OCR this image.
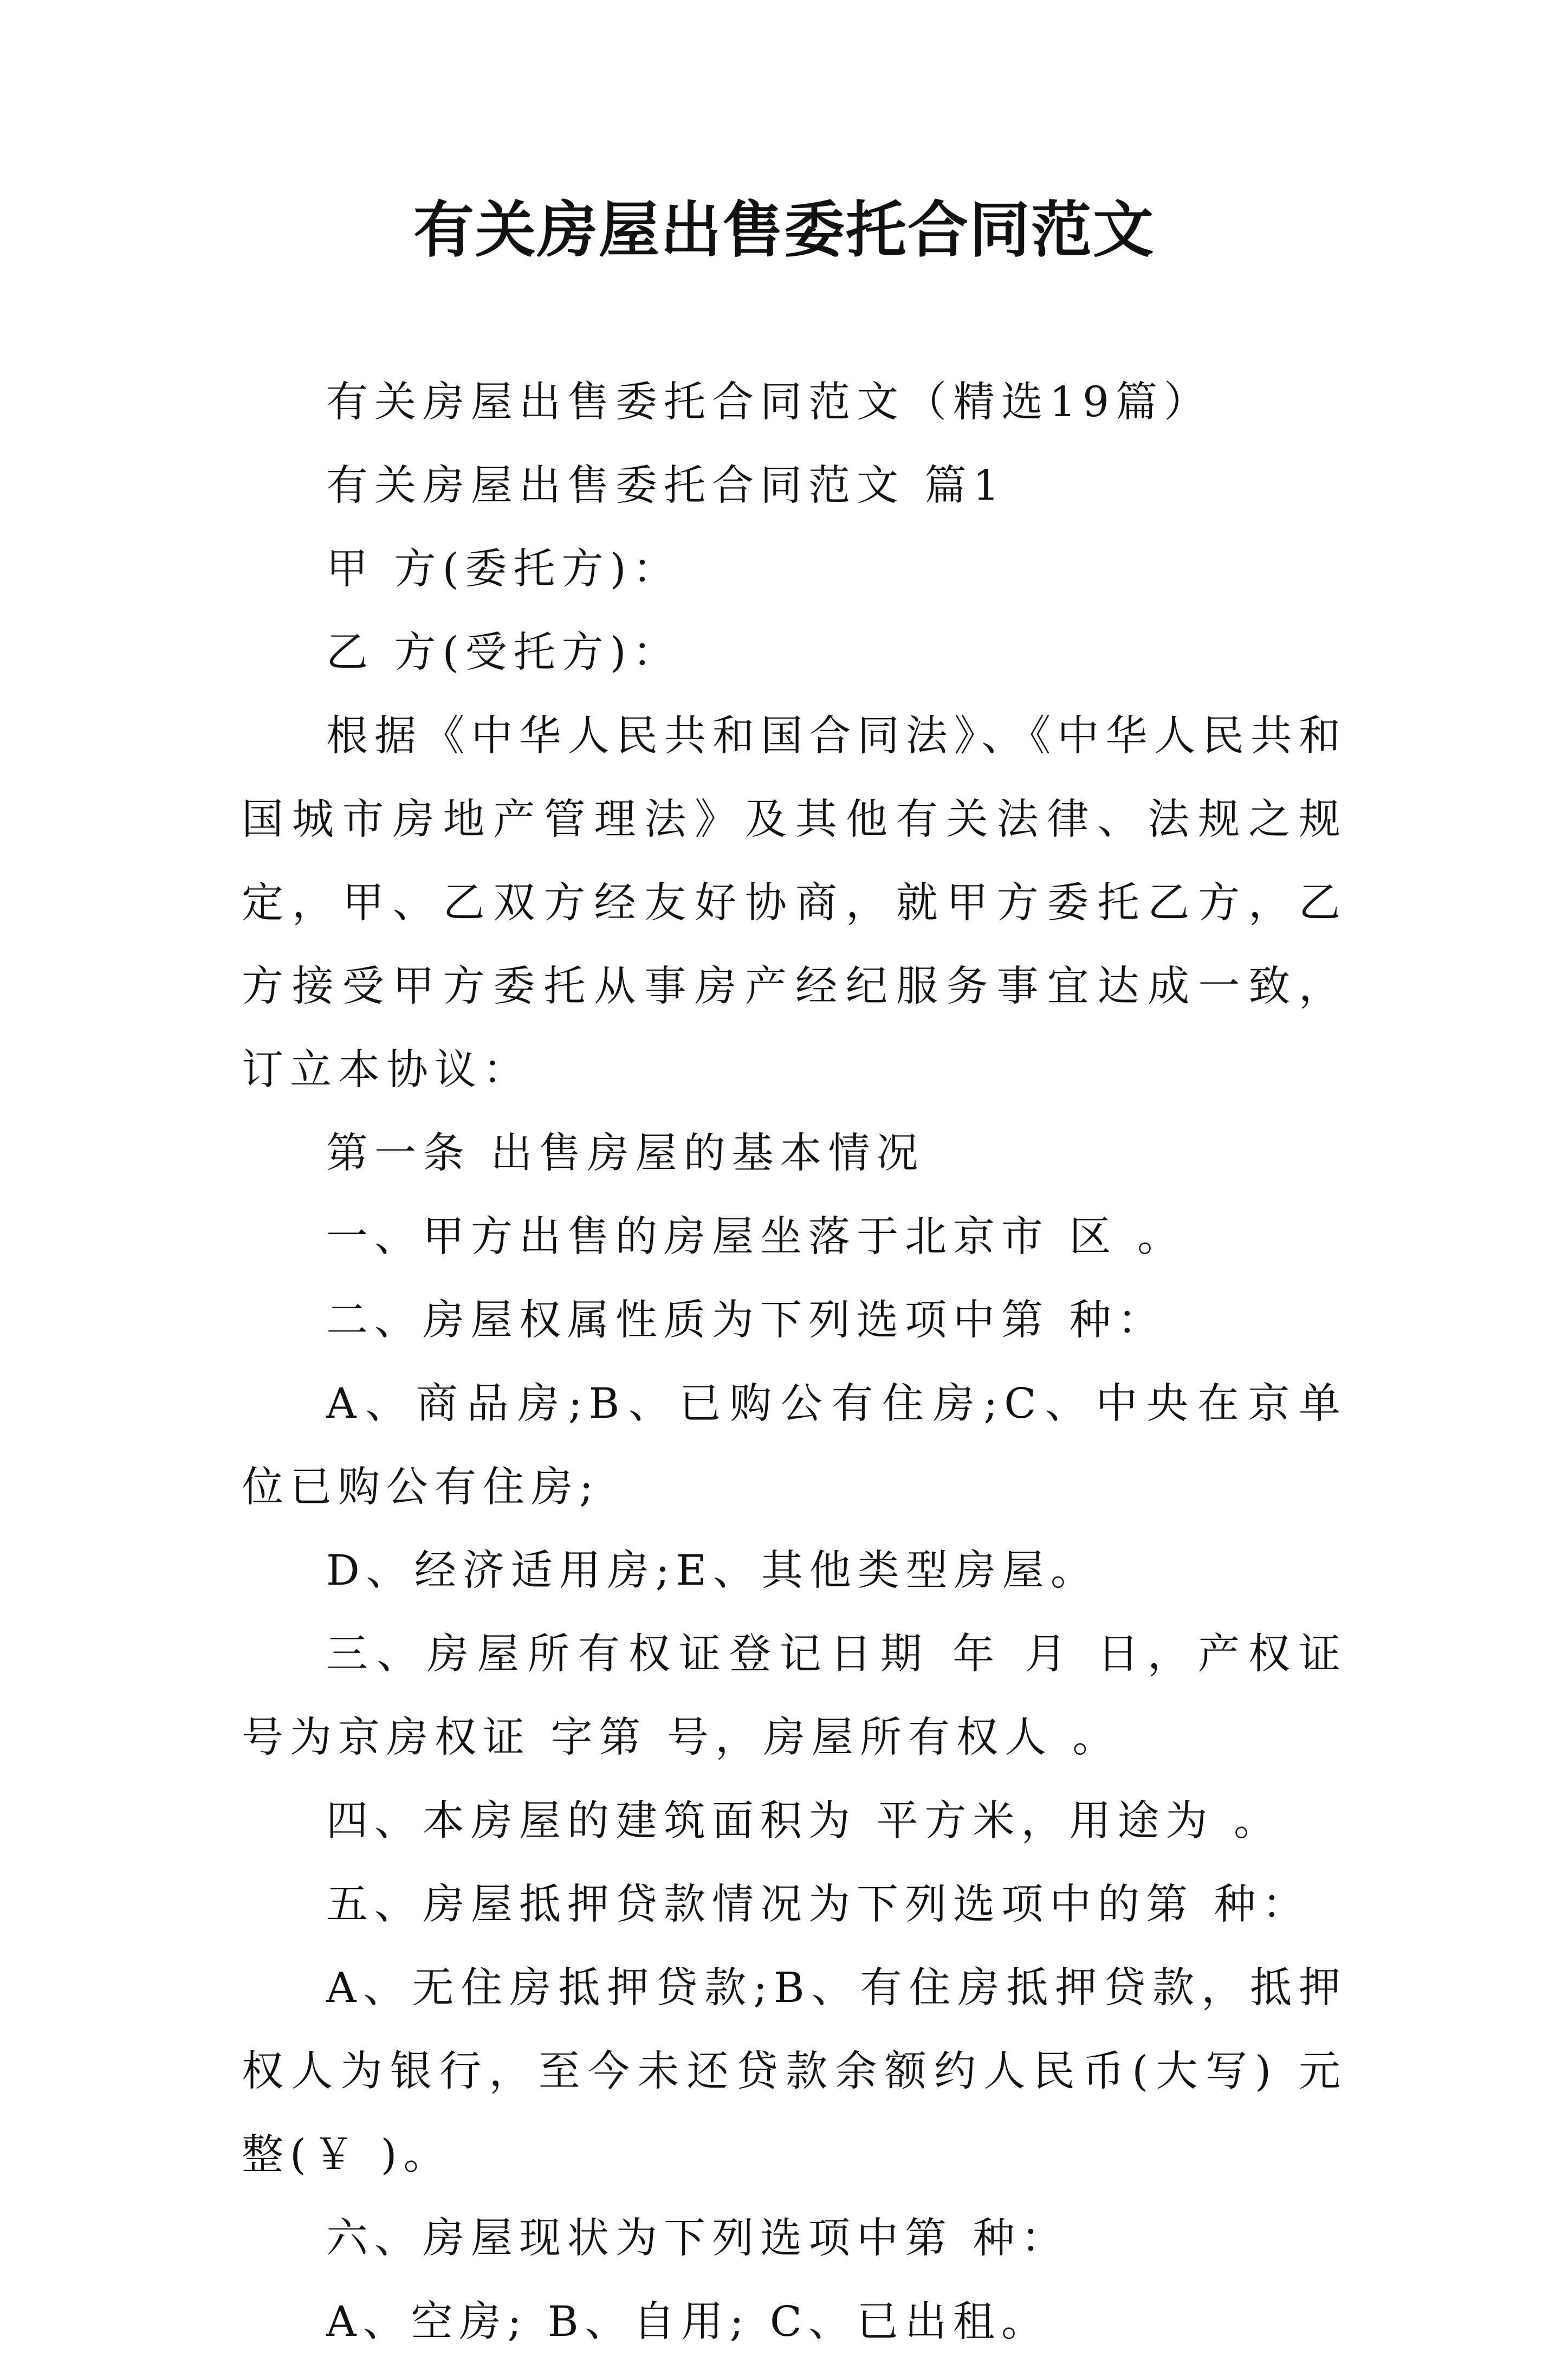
有关房屋出售委托合同范文

有关房屋出售委托合同范文（精选19篇）

有关房屋出售委托合同范文 篇1

甲 方(委托方)：

乙 方(受托方)：

根据《中华人民共和国合同法》、《中华人民共和国城市房地产管理法》及其他有关法律、法规之规定，甲、乙双方经友好协商，就甲方委托乙方，乙方接受甲方委托从事房产经纪服务事宜达成一致，订立本协议：

第一条 出售房屋的基本情况

一、甲方出售的房屋坐落于北京市 区 。

二、房屋权属性质为下列选项中第 种：

A、商品房;B、已购公有住房;C、中央在京单位已购公有住房;

D、经济适用房;E、其他类型房屋。

三、房屋所有权证登记日期 年 月 日，产权证号为京房权证 字第 号，房屋所有权人 。

四、本房屋的建筑面积为 平方米，用途为 。

五、房屋抵押贷款情况为下列选项中的第 种：

A、无住房抵押贷款;B、有住房抵押贷款，抵押权人为银行，至今未还贷款余额约人民币(大写) 元整(￥ )。

六、房屋现状为下列选项中第 种：

A、空房; B、自用; C、已出租。
